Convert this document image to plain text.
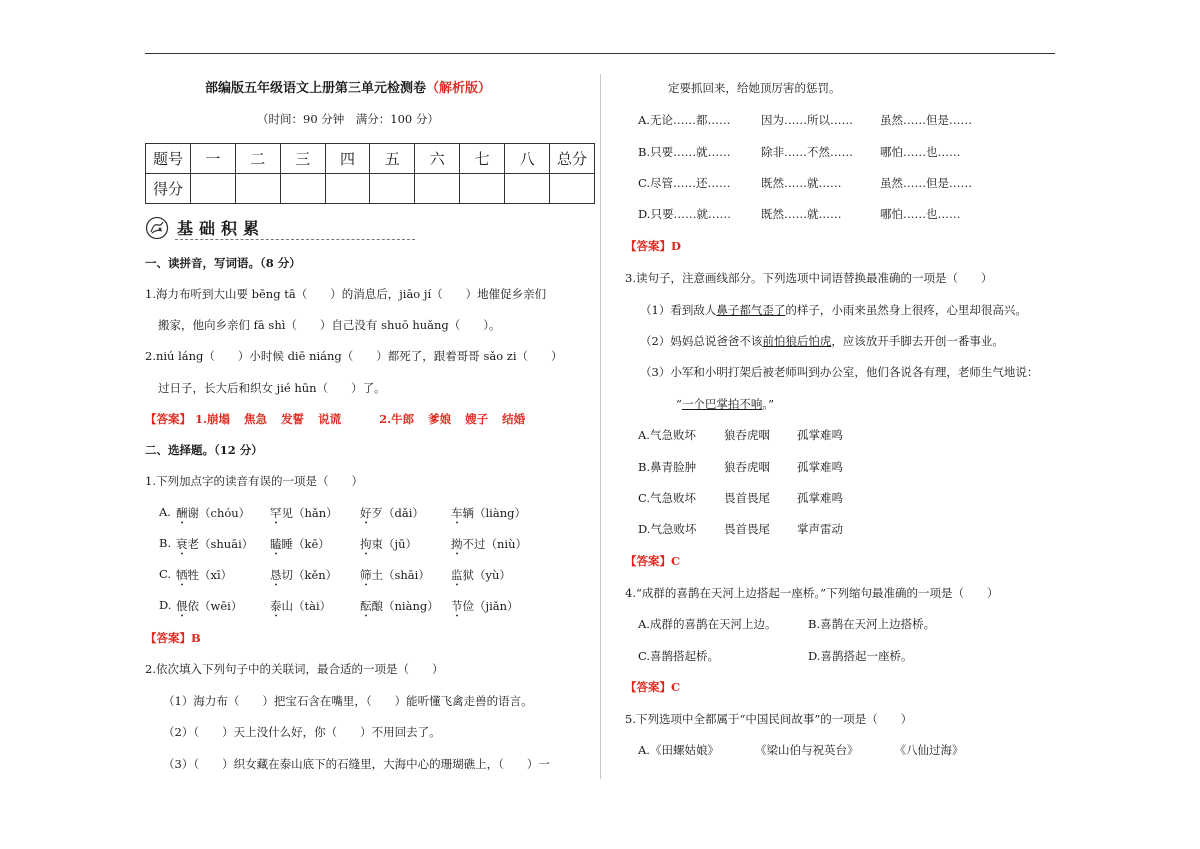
部编版五年级语文上册第三单元检测卷（解析版）
（时间：90 分钟　满分：100 分）
题号	一	二	三	四	五	六	七	八	总分
得分									
基础积累
一、读拼音，写词语。（8 分）
1.海力布听到大山要 bēng tā（　　）的消息后，jiāo jí（　　）地催促乡亲们
搬家，他向乡亲们 fā shì（　　）自己没有 shuō huǎng（　　）。
2.niú láng（　　）小时候 diē niáng（　　）都死了，跟着哥哥 sǎo zi（　　）
过日子，长大后和织女 jié hūn（　　）了。
【答案】 1.崩塌 焦急 发誓 说谎	2.牛郎 爹娘 嫂子 结婚
二、选择题。（12 分）
1.下列加点字的读音有误的一项是（　　）
A. 酬谢（chóu） 罕见（hǎn） 好歹（dǎi） 车辆（liàng）
B. 衰老（shuāi） 瞌睡（kē）	拘束（jū）	拗不过（niù）
C. 牺牲（xī）	恳切（kěn） 筛土（shāi） 监狱（yù）
D. 偎依（wēi） 泰山（tài）	酝酿（niàng） 节俭（jiǎn）
【答案】B
2.依次填入下列句子中的关联词，最合适的一项是（　　）
（1）海力布（　　）把宝石含在嘴里，（　　）能听懂飞禽走兽的语言。
（2）（　　）天上没什么好，你（　　）不用回去了。
（3）（　　）织女藏在泰山底下的石缝里，大海中心的珊瑚礁上，（　　）一
定要抓回来，给她顶厉害的惩罚。
A.无论……都……	因为……所以…… 虽然……但是……
B.只要……就……	除非……不然…… 哪怕……也……
C.尽管……还……	既然……就……	虽然……但是……
D.只要……就……	既然……就……	哪怕……也……
【答案】D
3.读句子，注意画线部分。下列选项中词语替换最准确的一项是（　　）
（1）看到敌人鼻子都气歪了的样子，小雨来虽然身上很疼，心里却很高兴。
（2）妈妈总说爸爸不该前怕狼后怕虎，应该放开手脚去开创一番事业。
（3）小军和小明打架后被老师叫到办公室，他们各说各有理，老师生气地说：
“一个巴掌拍不响。”
A.气急败坏 狼吞虎咽 孤掌难鸣
B.鼻青脸肿 狼吞虎咽 孤掌难鸣
C.气急败坏 畏首畏尾 孤掌难鸣
D.气急败坏 畏首畏尾 掌声雷动
【答案】C
4.“成群的喜鹊在天河上边搭起一座桥。”下列缩句最准确的一项是（　　）
A.成群的喜鹊在天河上边。	B.喜鹊在天河上边搭桥。
C.喜鹊搭起桥。	D.喜鹊搭起一座桥。
【答案】C
5.下列选项中全都属于“中国民间故事”的一项是（　　）
A.《田螺姑娘》	《梁山伯与祝英台》	《八仙过海》
